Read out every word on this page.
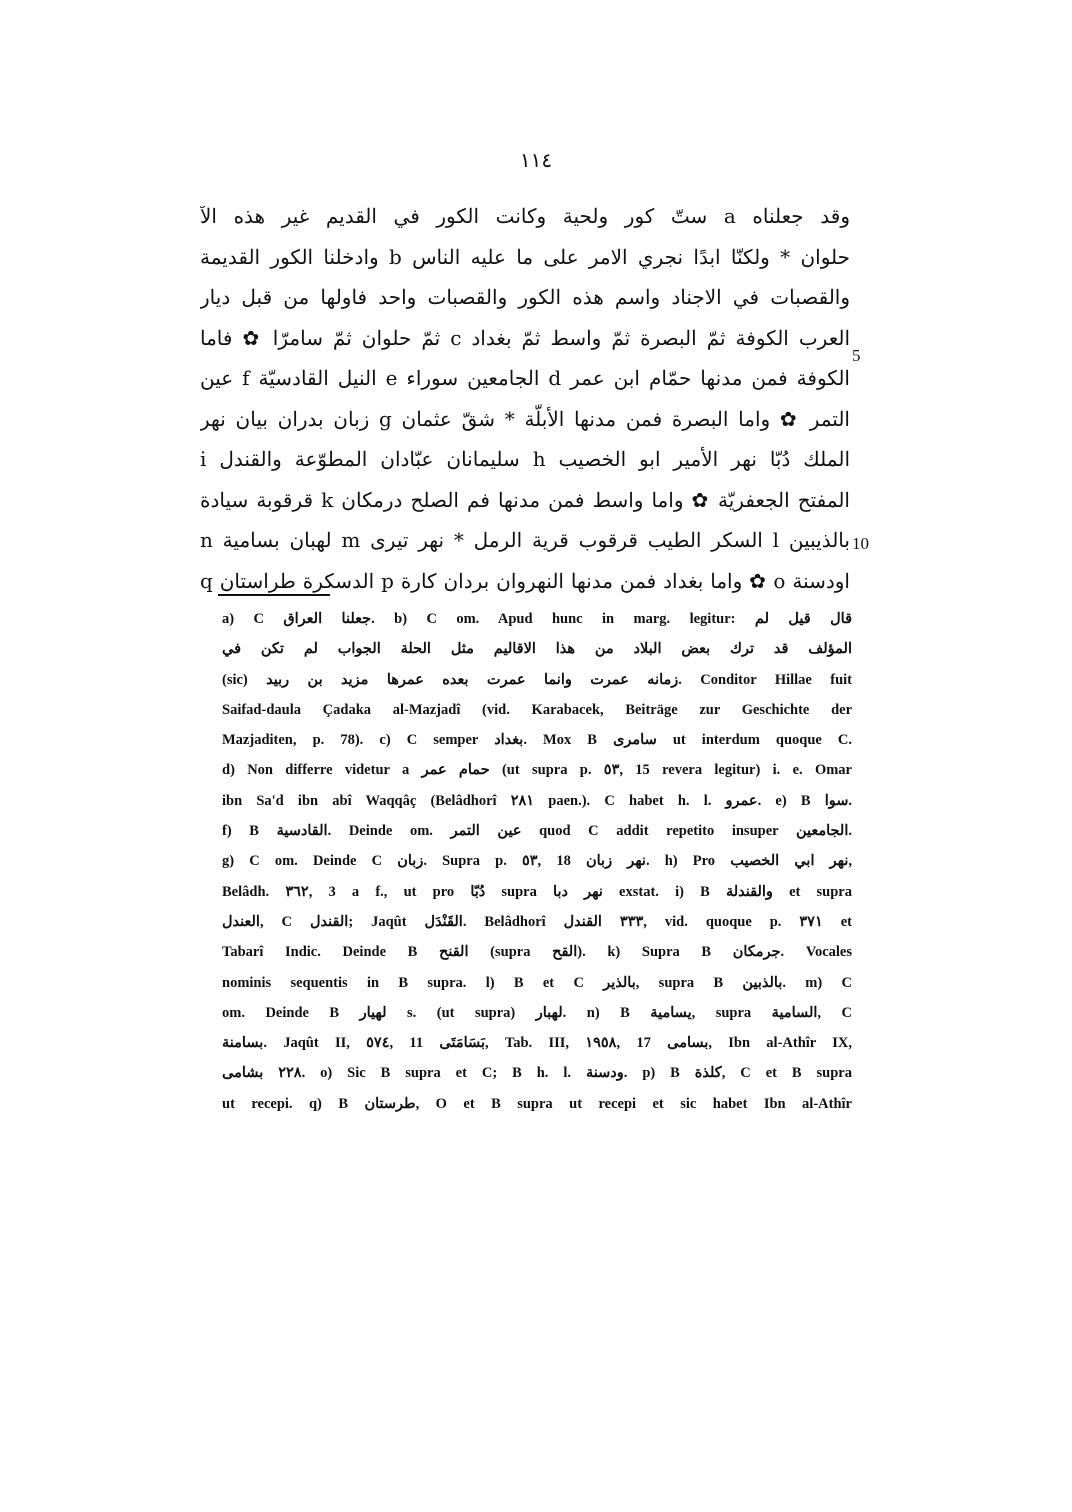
١١٤
وقد جعلناه a ستّ كور ولحية وكانت الكور في القديم غير هذه الآ
حلوان * ولكنّا ابدًا نجري الامر على ما عليه الناس b وادخلنا الكور القديمة
والقصبات في الاجناد واسم هذه الكور والقصبات واحد فاولها من قبل ديار
العرب الكوفة ثمّ البصرة ثمّ واسط ثمّ بغداد c ثمّ حلوان ثمّ سامرّا ✿ فاما
الكوفة فمن مدنها حمّام ابن عمر d الجامعين سوراء e النيل القادسيّة f عين
التمر ✿ واما البصرة فمن مدنها الأبلّة * شقّ عثمان g زبان بدران بيان نهر
الملك دُبّا نهر الأمير ابو الخصيب h سليمانان عبّادان المطوّعة والقندل i
المفتح الجعفريّة ✿ واما واسط فمن مدنها فم الصلح درمكان k قرقوبة سيادة
بالذيبين l السكر الطيب قرقوب قرية الرمل * نهر تيرى m لهبان بسامية n
اودسنة o ✿ واما بغداد فمن مدنها النهروان بردان كارة p الدسكرة طراستان q
5
10
a) C جعلنا العراق. b) C om. Apud hunc in marg. legitur: قال قيل لم
المؤلف قد ترك بعض البلاد من هذا الاقاليم مثل الحلة الجواب لم تكن في
(sic) زمانه عمرت وانما عمرت بعده عمرها مزيد بن ربيد. Conditor Hillae fuit
Saifad-daula Çadaka al-Mazjadî (vid. Karabacek, Beiträge zur Geschichte der
Mazjaditen, p. 78). c) C semper بغداد. Mox B سامرى ut interdum quoque C.
d) Non differre videtur a حمام عمر (ut supra p. ٥٣, 15 revera legitur) i. e. Omar
ibn Sa'd ibn abî Waqqâç (Belâdhorî ٢٨١ paen.). C habet h. l. عمرو. e) B سوا.
f) B القادسية. Deinde om. عين التمر quod C addit repetito insuper الجامعين.
g) C om. Deinde C زبان. Supra p. ٥٣, 18 نهر زبان. h) Pro نهر ابي الخصيب,
Belâdh. ٣٦٢, 3 a f., ut pro دُبّا supra نهر دبا exstat. i) B والقندلة et supra
العندل, C القندل; Jaqût القَنْدَل. Belâdhorî ٣٣٣ القندل, vid. quoque p. ٣٧١ et
Tabarî Indic. Deinde B القنح (supra القح). k) Supra B جرمكان. Vocales
nominis sequentis in B supra. l) B et C بالذير, supra B بالذبين. m) C
om. Deinde B لهيار s. (ut supra) لهبار. n) B يسامية, supra السامية, C
بسامنة. Jaqût II, ٥٧٤, 11 بَسَامَتَى, Tab. III, ١٩٥٨, 17 بسامى, Ibn al-Athîr IX,
٢٢٨ بشامى. o) Sic B supra et C; B h. l. ودسنة. p) B كلذة, C et B supra
ut recepi. q) B طرستان, O et B supra ut recepi et sic habet Ibn al-Athîr
